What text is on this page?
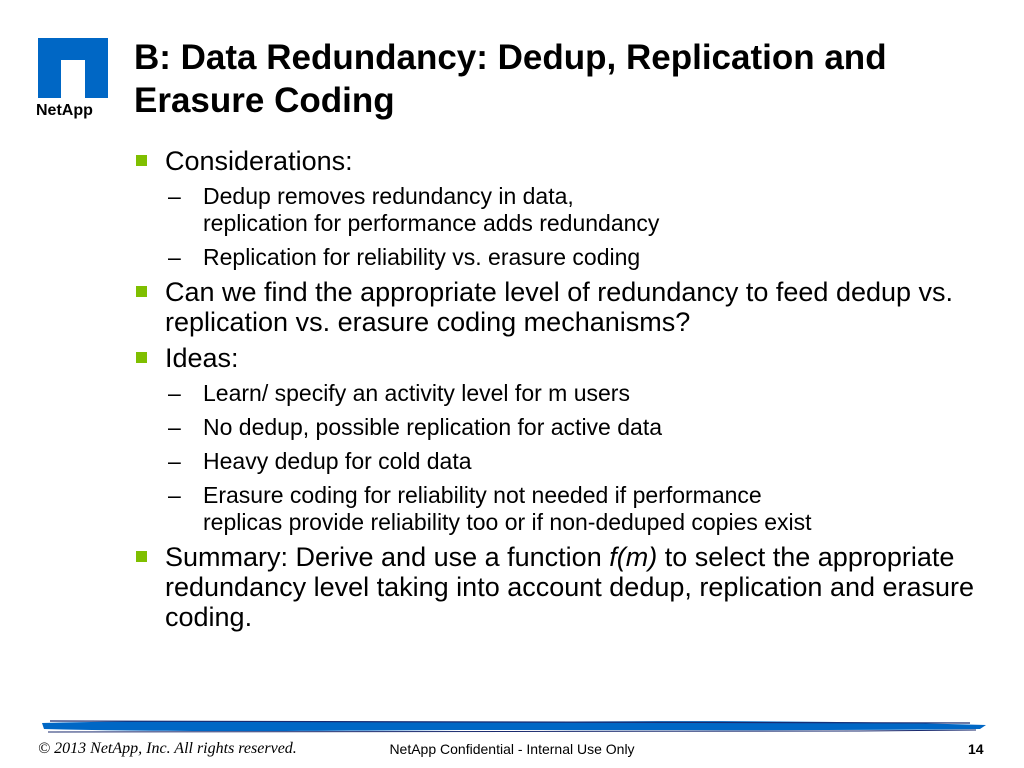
NetApp
B: Data Redundancy: Dedup, Replication and Erasure Coding
Considerations:
– Dedup removes redundancy in data,
replication for performance adds redundancy
– Replication for reliability vs. erasure coding
Can we find the appropriate level of redundancy to feed dedup vs. replication vs. erasure coding mechanisms?
Ideas:
– Learn/ specify an activity level for m users
– No dedup, possible replication for active data
– Heavy dedup for cold data
– Erasure coding for reliability not needed if performance
replicas provide reliability too or if non-deduped copies exist
Summary: Derive and use a function f(m) to select the appropriate redundancy level taking into account dedup, replication and erasure coding.
© 2013 NetApp, Inc. All rights reserved.	NetApp Confidential - Internal Use Only	14
